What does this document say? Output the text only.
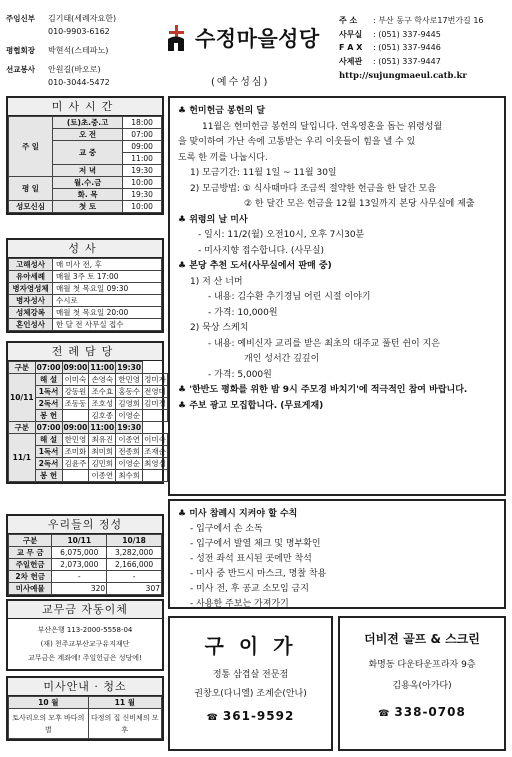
주임신부	김기태(세례자요한)
010-9903-6162
평협회장	박현석(스테파노)
선교봉사	안원길(바오로)
010-3044-5472
수정마을성당
(예수성심)
주 소	: 부산 동구 학사로17번가길 16
사무실	: (051) 337-9445
F A X	: (051) 337-9446
사제관	: (051) 337-9447
http://sujungmaeul.catb.kr
미사시간
주 일	(토)초.중.고	18:00
	오 전	07:00
	교 중	09:00
		11:00
	저 녁	19:30
평 일	월.수.금	10:00
	화. 목	19:30
성모신심	첫 토	10:00
성사
고해성사	매 미사 전, 후
유아세례	매월 3주 토 17:00
병자영성체	매월 첫 목요일 09:30
병자성사	수시로
성체강복	매월 첫 목요일 20:00
혼인성사	한 달 전 사무실 접수
전례담당
구분	07:00	09:00	11:00	19:30	
10/11	해 설	이미숙	손영숙	한민영	정미자
	1독서	강동원	조수효	홍동수	전영미
	2독서	조동동	조호성	김영희	김미정
	봉 헌		김호종	이영순	
구분	07:00	09:00	11:00	19:30	
11/1	해 설	한민영	최유진	이종연	이미숙
	1독서	조미화	최미희	전종희	조재순
	2독서	김윤주	김민희	이영순	최영심
	봉 헌		이종연	최수희	
우리들의 정성
구분	10/11	10/18
교 무 금	6,075,000	3,282,000
주일헌금	2,073,000	2,166,000
2차 헌금	-	-
미사예물	320	307
교무금 자동이체
부산은행 113-2000-5558-04
(재) 천주교부산교구유지재단
교무금은 계좌에! 주일헌금은 성당에!
미사안내 · 청소
10 월	11 월
토사리오의 모후 바다의 별	다정의 집 신비체의 모후
♣ 헌미헌금 봉헌의 달
11월은 헌미헌금 봉헌의 달입니다. 연옥영혼을 돕는 위령성월
을 맞이하여 가난 속에 고통받는 우리 이웃들이 힘을 낼 수 있
도록 한 끼를 나눕시다.
1) 모금기간: 11월 1일 ~ 11월 30일
2) 모금방법: ① 식사때마다 조금씩 절약한 헌금을 한 달간 모음
② 한 달간 모은 헌금을 12월 13일까지 본당 사무실에 제출
♣ 위령의 날 미사
- 일시: 11/2(월) 오전10시, 오후 7시30분
- 미사지향 접수합니다. (사무실)
♣ 본당 추천 도서(사무실에서 판매 중)
1) 저 산 너머
- 내용: 김수환 추기경님 어린 시절 이야기
- 가격: 10,000원
2) 묵상 스케치
- 내용: 예비신자 교리를 받은 최초의 대주교 풀턴 쉰이 지은
개인 성서간 깊깊이
- 가격: 5,000원
♣ '한반도 평화를 위한 밤 9시 주모경 바치기'에 적극적인 참여 바랍니다.
♣ 주보 광고 모집합니다. (무료게재)
♣ 미사 참례시 지켜야 할 수칙
- 입구에서 손 소독
- 입구에서 발열 체크 및 명부확인
- 성전 좌석 표시된 곳에만 착석
- 미사 중 반드시 마스크, 명찰 착용
- 미사 전, 후 공교 소모임 금지
- 사용한 주보는 가져가기
구 이 가
정통 삼겹살 전문점
권창오(다니엘) 조계순(안나)
☎ 361-9592
더비젼 골프 & 스크린
화명동 다운타운프라자 9층
김용옥(아가다)
☎ 338-0708
